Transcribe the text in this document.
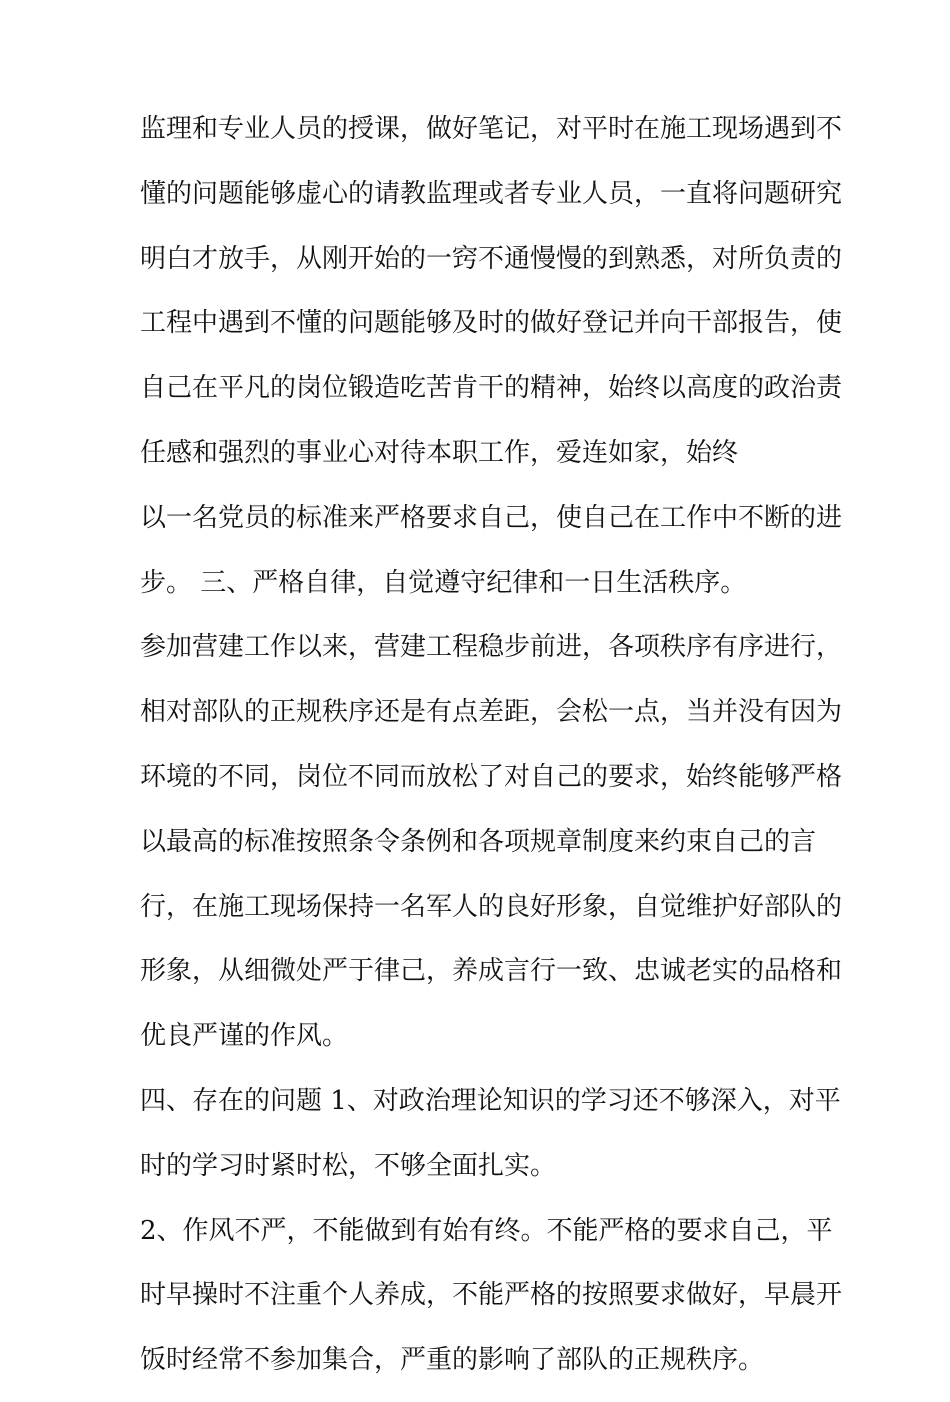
监理和专业人员的授课，做好笔记，对平时在施工现场遇到不
懂的问题能够虚心的请教监理或者专业人员，一直将问题研究
明白才放手，从刚开始的一窍不通慢慢的到熟悉，对所负责的
工程中遇到不懂的问题能够及时的做好登记并向干部报告，使
自己在平凡的岗位锻造吃苦肯干的精神，始终以高度的政治责
任感和强烈的事业心对待本职工作，爱连如家，始终
以一名党员的标准来严格要求自己，使自己在工作中不断的进
步。 三、严格自律，自觉遵守纪律和一日生活秩序。
参加营建工作以来，营建工程稳步前进，各项秩序有序进行，
相对部队的正规秩序还是有点差距，会松一点，当并没有因为
环境的不同，岗位不同而放松了对自己的要求，始终能够严格
以最高的标准按照条令条例和各项规章制度来约束自己的言
行，在施工现场保持一名军人的良好形象，自觉维护好部队的
形象，从细微处严于律己，养成言行一致、忠诚老实的品格和
优良严谨的作风。
四、存在的问题 1、对政治理论知识的学习还不够深入，对平
时的学习时紧时松，不够全面扎实。
2、作风不严，不能做到有始有终。不能严格的要求自己，平
时早操时不注重个人养成，不能严格的按照要求做好，早晨开
饭时经常不参加集合，严重的影响了部队的正规秩序。
